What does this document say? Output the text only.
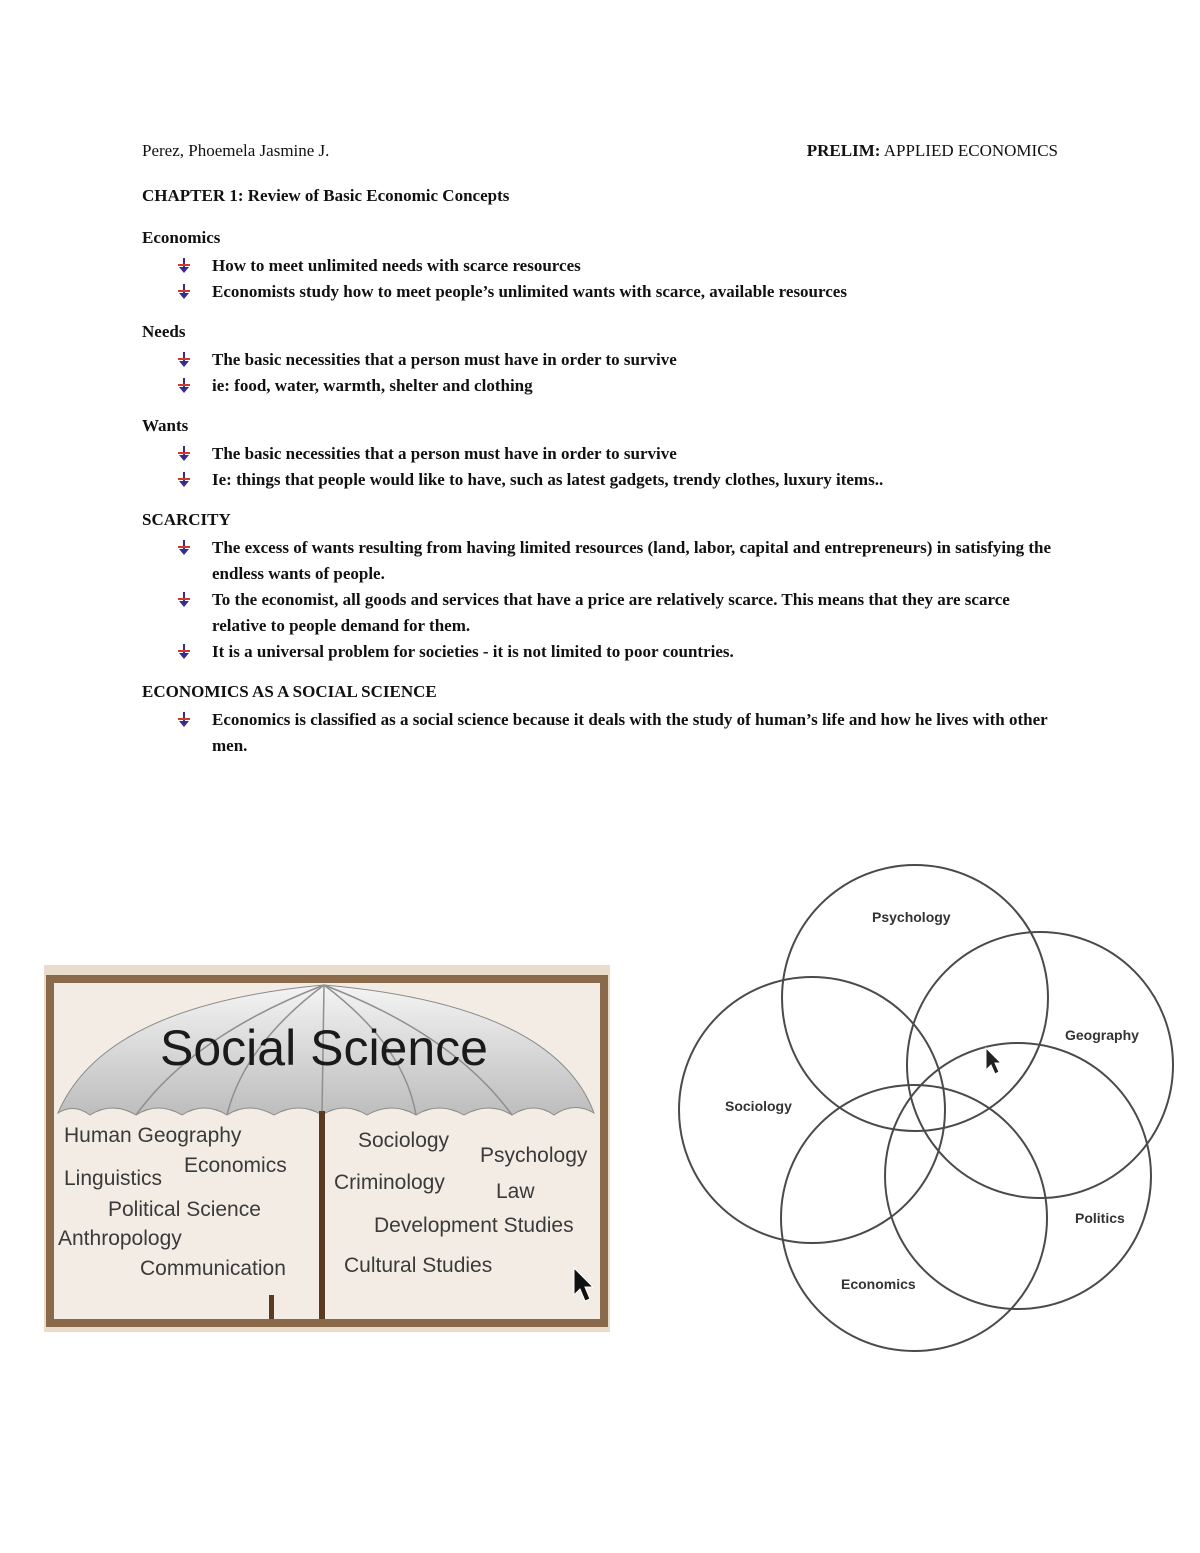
Perez, Phoemela Jasmine J.	PRELIM: APPLIED ECONOMICS

CHAPTER 1: Review of Basic Economic Concepts

Economics

How to meet unlimited needs with scarce resources
Economists study how to meet people’s unlimited wants with scarce, available resources

Needs

The basic necessities that a person must have in order to survive
ie: food, water, warmth, shelter and clothing

Wants

The basic necessities that a person must have in order to survive
Ie: things that people would like to have, such as latest gadgets, trendy clothes, luxury items..

SCARCITY

The excess of wants resulting from having limited resources (land, labor, capital and entrepreneurs) in satisfying the endless wants of people.
To the economist, all goods and services that have a price are relatively scarce. This means that they are scarce relative to people demand for them.
It is a universal problem for societies - it is not limited to poor countries.

ECONOMICS AS A SOCIAL SCIENCE

Economics is classified as a social science because it deals with the study of human’s life and how he lives with other men.
Social Science
Human Geography
Economics
Linguistics
Political Science
Anthropology
Communication
Sociology
Psychology
Criminology Law
Development Studies
Cultural Studies
Psychology
Geography
Sociology
Politics
Economics
